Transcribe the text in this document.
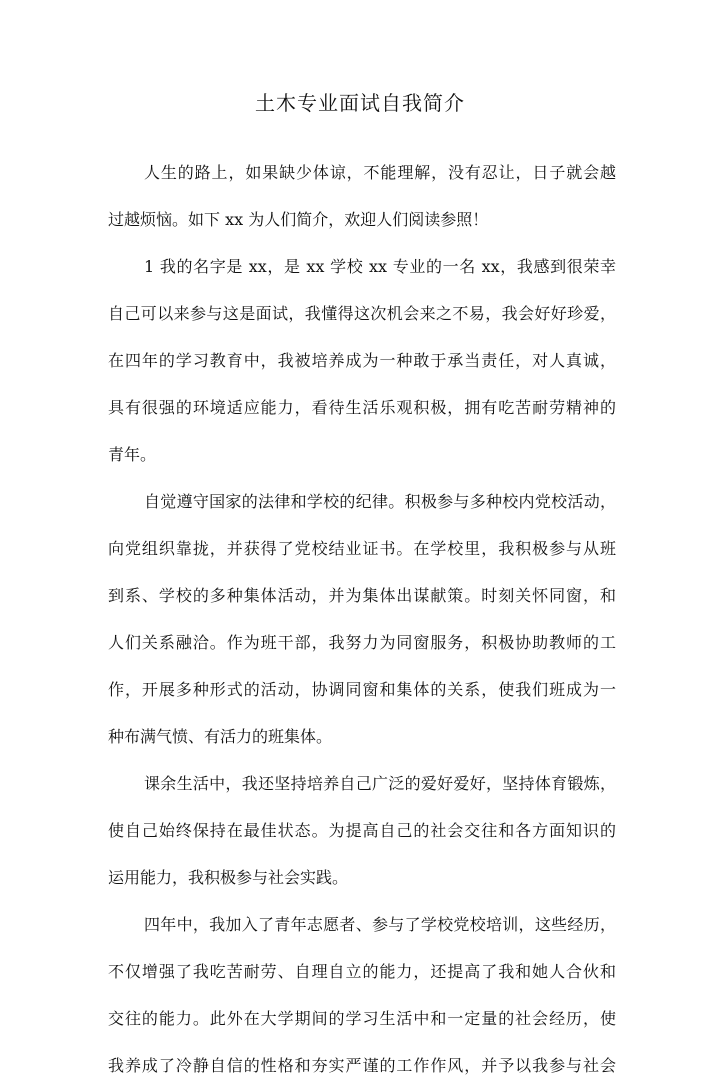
土木专业面试自我简介
人生的路上，如果缺少体谅，不能理解，没有忍让，日子就会越
过越烦恼。如下 xx 为人们简介，欢迎人们阅读参照！
1 我的名字是 xx，是 xx 学校 xx 专业的一名 xx，我感到很荣幸
自己可以来参与这是面试，我懂得这次机会来之不易，我会好好珍爱，
在四年的学习教育中，我被培养成为一种敢于承当责任，对人真诚，
具有很强的环境适应能力，看待生活乐观积极，拥有吃苦耐劳精神的
青年。
自觉遵守国家的法律和学校的纪律。积极参与多种校内党校活动，
向党组织靠拢，并获得了党校结业证书。在学校里，我积极参与从班
到系、学校的多种集体活动，并为集体出谋献策。时刻关怀同窗，和
人们关系融洽。作为班干部，我努力为同窗服务，积极协助教师的工
作，开展多种形式的活动，协调同窗和集体的关系，使我们班成为一
种布满气愤、有活力的班集体。
课余生活中，我还坚持培养自己广泛的爱好爱好，坚持体育锻炼，
使自己始终保持在最佳状态。为提高自己的社会交往和各方面知识的
运用能力，我积极参与社会实践。
四年中，我加入了青年志愿者、参与了学校党校培训，这些经历，
不仅增强了我吃苦耐劳、自理自立的能力，还提高了我和她人合伙和
交往的能力。此外在大学期间的学习生活中和一定量的社会经历，使
我养成了冷静自信的性格和夯实严谨的工作作风，并予以我参与社会
